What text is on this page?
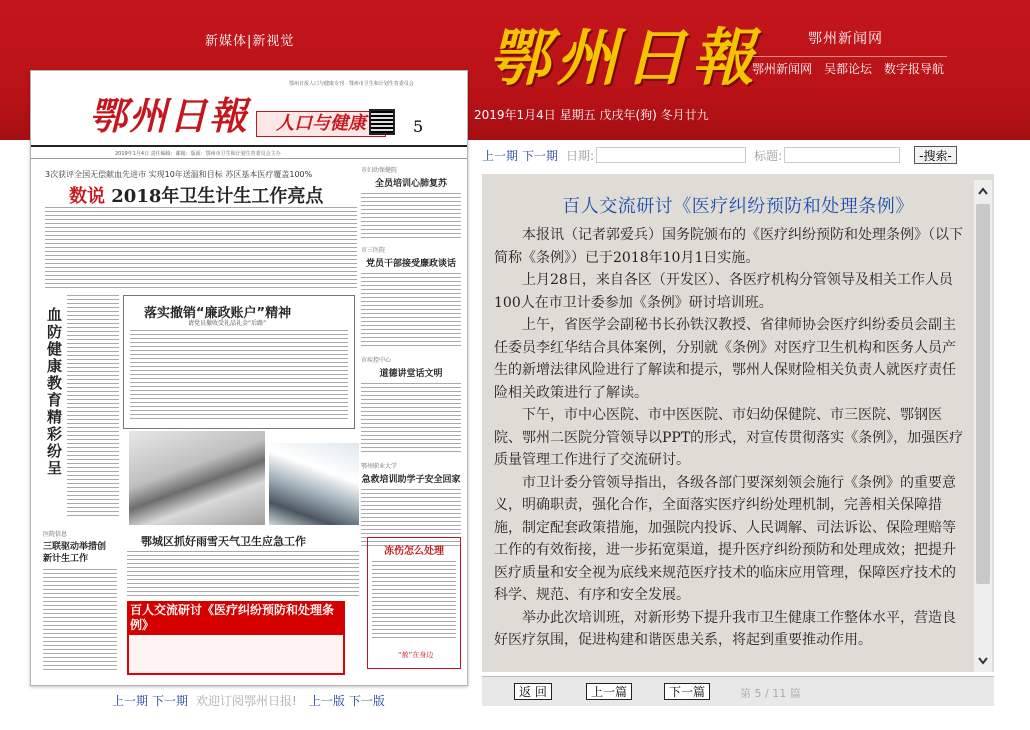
新媒体|新视觉	鄂州日報
2019年1月4日 星期五 戊戌年(狗) 冬月廿九
鄂州新闻网
鄂州新闻网 吴都论坛 数字报导航
鄂州日報
鄂州日报人口与健康专刊 · 鄂州市卫生和计划生育委员会
人口与健康	5
2019年1月4日 责任编辑：邮箱：版面：鄂州市卫生和计划生育委员会主办
3次获评全国无偿献血先进市 实现10年送温和目标 苏区基本医疗覆盖100%
数说 2018年卫生计生工作亮点
市妇幼保健院
全员培训心肺复苏
市三医院
党员干部接受廉政谈话
市疾控中心
道德讲堂话文明
鄂州职业大学
急救培训助学子安全回家
血防健康教育精彩纷呈
落实撤销“廉政账户”精神
请党员撤收受礼品礼金“后路”
鄂城区抓好雨雪天气卫生应急工作
医院信息
三联驱动举措创新计生工作
冻伤怎么处理
“赦”在身边
百人交流研讨《医疗纠纷预防和处理条例》
上一期 下一期 欢迎订阅鄂州日报! 上一版 下一版
上一期 下一期 日期:	标题:	-搜索-
百人交流研讨《医疗纠纷预防和处理条例》

本报讯（记者郭爱兵）国务院颁布的《医疗纠纷预防和处理条例》（以下简称《条例》）已于2018年10月1日实施。

上月28日，来自各区（开发区）、各医疗机构分管领导及相关工作人员100人在市卫计委参加《条例》研讨培训班。

上午，省医学会副秘书长孙铁汉教授、省律师协会医疗纠纷委员会副主任委员李红华结合具体案例，分别就《条例》对医疗卫生机构和医务人员产生的新增法律风险进行了解读和提示，鄂州人保财险相关负责人就医疗责任险相关政策进行了解读。

下午，市中心医院、市中医医院、市妇幼保健院、市三医院、鄂钢医院、鄂州二医院分管领导以PPT的形式，对宣传贯彻落实《条例》，加强医疗质量管理工作进行了交流研讨。

市卫计委分管领导指出，各级各部门要深刻领会施行《条例》的重要意义，明确职责，强化合作，全面落实医疗纠纷处理机制，完善相关保障措施，制定配套政策措施，加强院内投诉、人民调解、司法诉讼、保险理赔等工作的有效衔接，进一步拓宽渠道，提升医疗纠纷预防和处理成效；把提升医疗质量和安全视为底线来规范医疗技术的临床应用管理，保障医疗技术的科学、规范、有序和安全发展。

举办此次培训班，对新形势下提升我市卫生健康工作整体水平，营造良好医疗氛围，促进构建和谐医患关系，将起到重要推动作用。

返 回	上一篇	下一篇	第 5 / 11 篇
